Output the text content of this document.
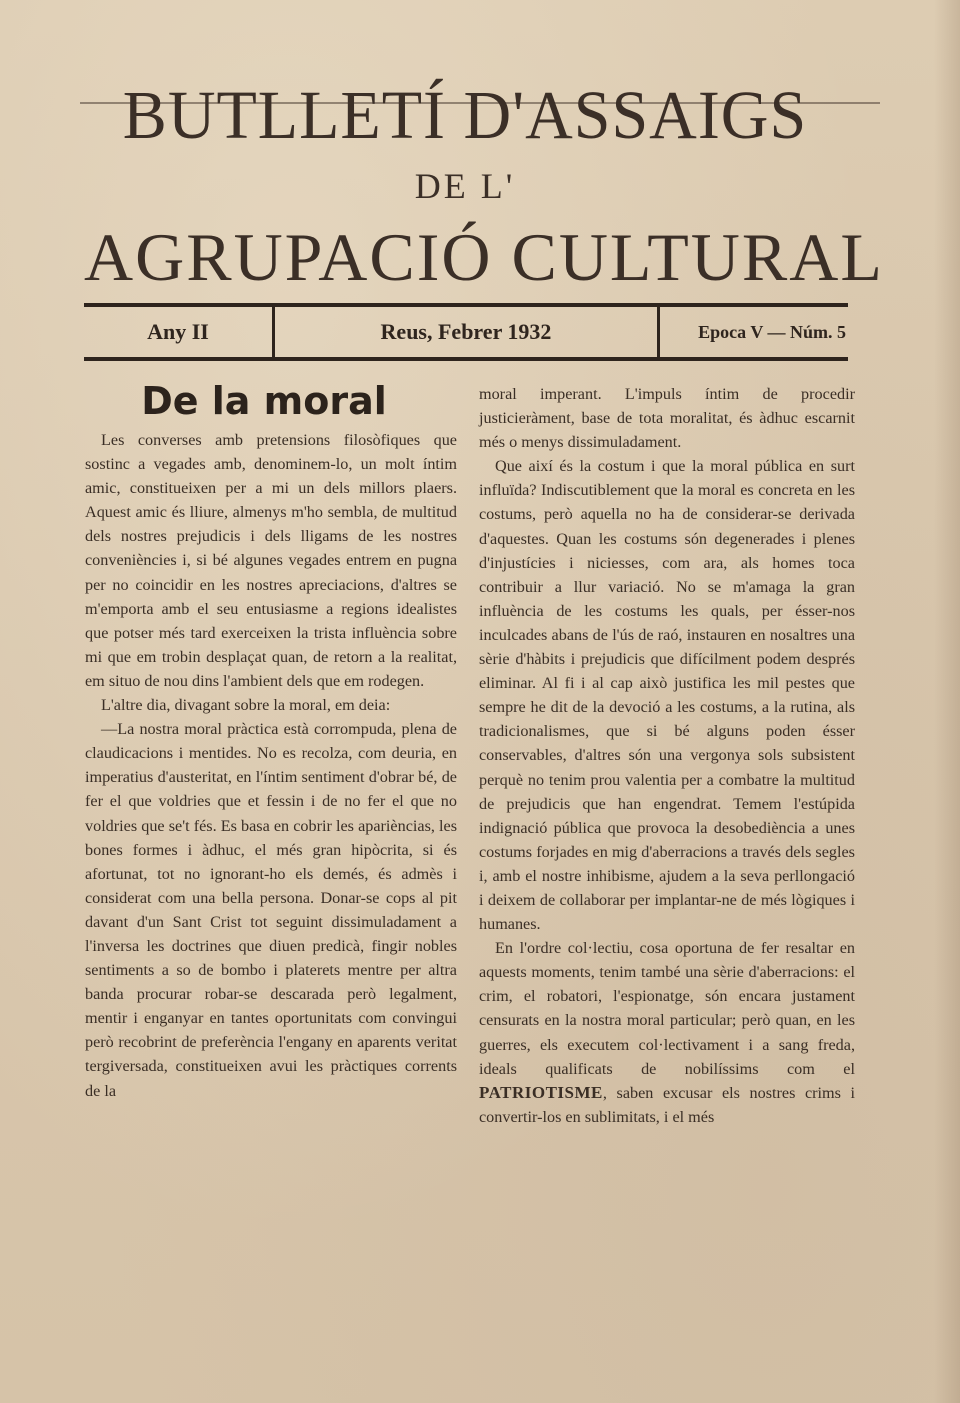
BUTLLETÍ D'ASSAIGS
DE L'
AGRUPACIÓ CULTURAL
Any II	Reus, Febrer 1932	Epoca V — Núm. 5
De la moral

Les converses amb pretensions filosòfiques que sostinc a vegades amb, denominem-lo, un molt íntim amic, constitueixen per a mi un dels millors plaers. Aquest amic és lliure, almenys m'ho sembla, de multitud dels nostres prejudicis i dels lligams de les nostres conveniències i, si bé algunes vegades entrem en pugna per no coincidir en les nostres apreciacions, d'altres se m'emporta amb el seu entusiasme a regions idealistes que potser més tard exerceixen la trista influència sobre mi que em trobin desplaçat quan, de retorn a la realitat, em situo de nou dins l'ambient dels que em rodegen.

L'altre dia, divagant sobre la moral, em deia:

—La nostra moral pràctica està corrompuda, plena de claudicacions i mentides. No es recolza, com deuria, en imperatius d'austeritat, en l'íntim sentiment d'obrar bé, de fer el que voldries que et fessin i de no fer el que no voldries que se't fés. Es basa en cobrir les aparièncias, les bones formes i àdhuc, el més gran hipòcrita, si és afortunat, tot no ignorant-ho els demés, és admès i considerat com una bella persona. Donar-se cops al pit davant d'un Sant Crist tot seguint dissimuladament a l'inversa les doctrines que diuen predicà, fingir nobles sentiments a so de bombo i platerets mentre per altra banda procurar robar-se descarada però legalment, mentir i enganyar en tantes oportunitats com convingui però recobrint de preferència l'engany en aparents veritat tergiversada, constitueixen avui les pràctiques corrents de la

moral imperant. L'impuls íntim de procedir justicieràment, base de tota moralitat, és àdhuc escarnit més o menys dissimuladament.

Que així és la costum i que la moral pública en surt influïda? Indiscutiblement que la moral es concreta en les costums, però aquella no ha de considerar-se derivada d'aquestes. Quan les costums són degenerades i plenes d'injustícies i niciesses, com ara, als homes toca contribuir a llur variació. No se m'amaga la gran influència de les costums les quals, per ésser-nos inculcades abans de l'ús de raó, instauren en nosaltres una sèrie d'hàbits i prejudicis que difícilment podem després eliminar. Al fi i al cap això justifica les mil pestes que sempre he dit de la devoció a les costums, a la rutina, als tradicionalismes, que si bé alguns poden ésser conservables, d'altres són una vergonya sols subsistent perquè no tenim prou valentia per a combatre la multitud de prejudicis que han engendrat. Temem l'estúpida indignació pública que provoca la desobediència a unes costums forjades en mig d'aberracions a través dels segles i, amb el nostre inhibisme, ajudem a la seva perllongació i deixem de collaborar per implantar-ne de més lògiques i humanes.

En l'ordre col·lectiu, cosa oportuna de fer resaltar en aquests moments, tenim també una sèrie d'aberracions: el crim, el robatori, l'espionatge, són encara justament censurats en la nostra moral particular; però quan, en les guerres, els executem col·lectivament i a sang freda, ideals qualificats de nobilíssims com el PATRIOTISME, saben excusar els nostres crims i convertir-los en sublimitats, i el més
